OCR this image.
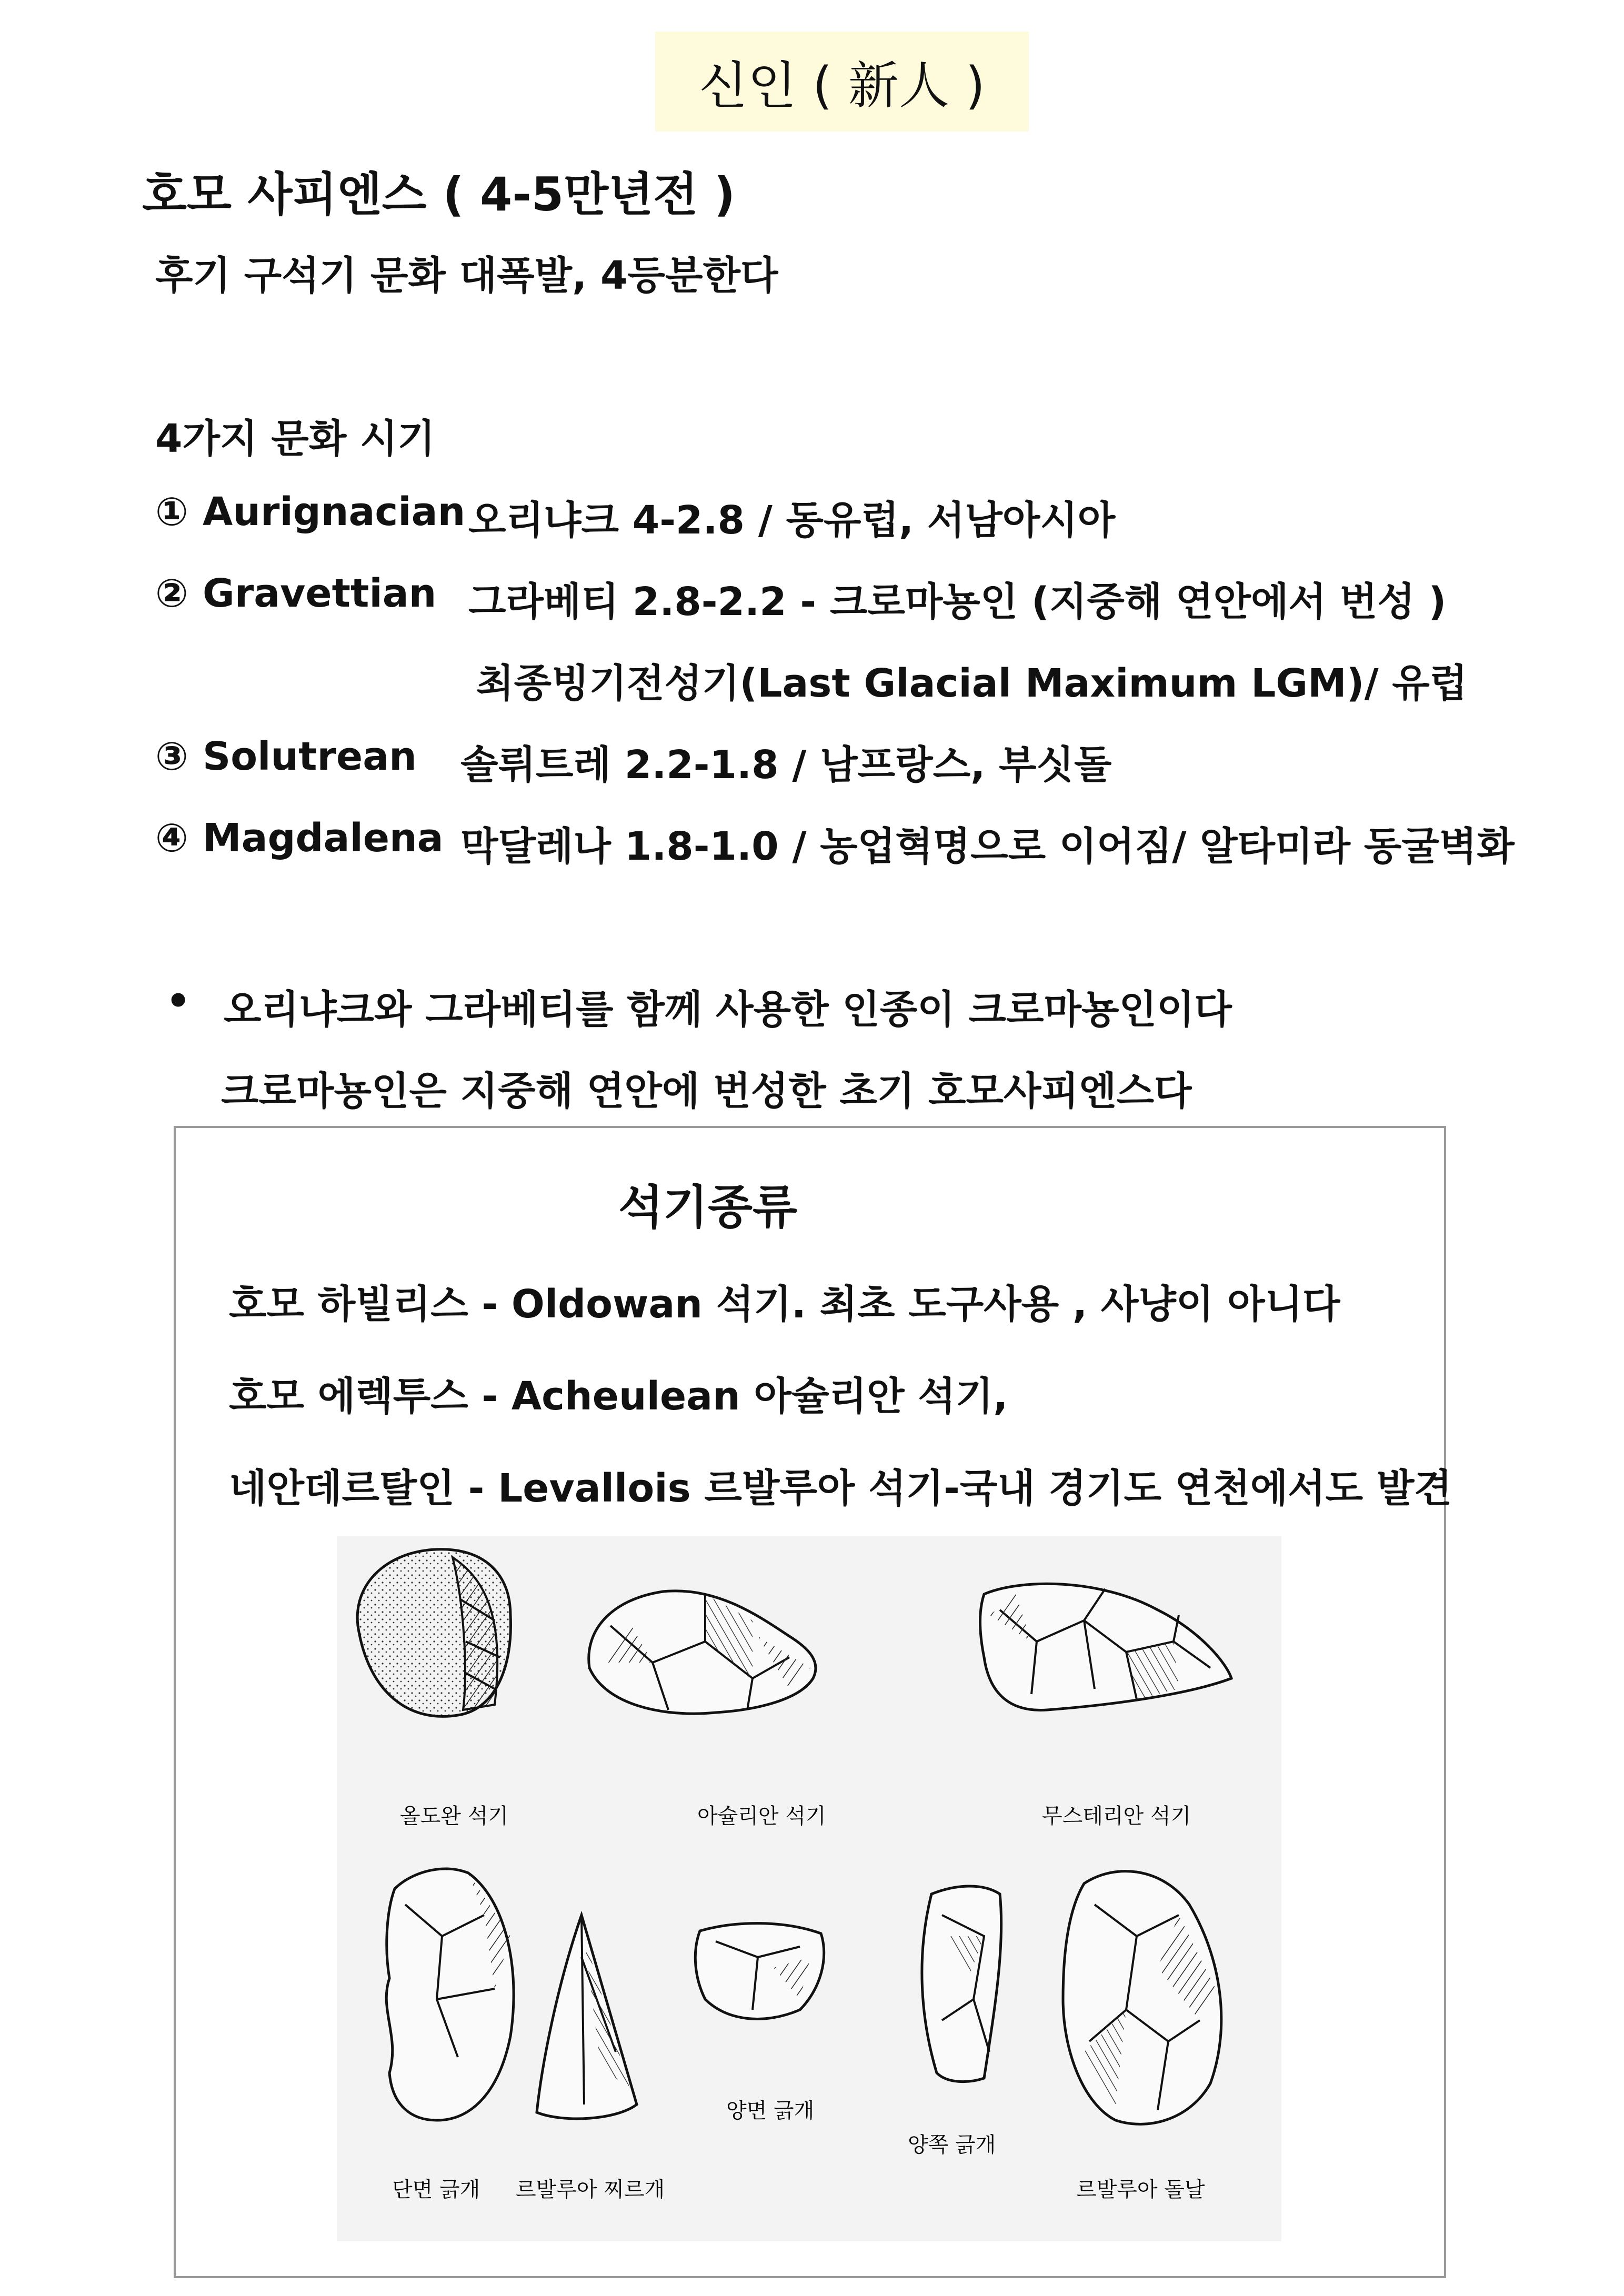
신인 ( 新人 )
호모 사피엔스 ( 4-5만년전 )
후기 구석기 문화 대폭발, 4등분한다
4가지 문화 시기
① Aurignacian 오리냐크 4-2.8 / 동유럽, 서남아시아
② Gravettian 그라베티 2.8-2.2 - 크로마뇽인 (지중해 연안에서 번성 )
최종빙기전성기(Last Glacial Maximum LGM)/ 유럽
③ Solutrean 솔뤼트레 2.2-1.8 / 남프랑스, 부싯돌
④ Magdalena 막달레나 1.8-1.0 / 농업혁명으로 이어짐/ 알타미라 동굴벽화
• 오리냐크와 그라베티를 함께 사용한 인종이 크로마뇽인이다
크로마뇽인은 지중해 연안에 번성한 초기 호모사피엔스다
석기종류
호모 하빌리스 - Oldowan 석기. 최초 도구사용 , 사냥이 아니다
호모 에렉투스 - Acheulean 아슐리안 석기,
네안데르탈인 - Levallois 르발루아 석기-국내 경기도 연천에서도 발견
올도완 석기	아슐리안 석기	무스테리안 석기
양면 긁개
양쪽 긁개
단면 긁개 르발루아 찌르개	르발루아 돌날
